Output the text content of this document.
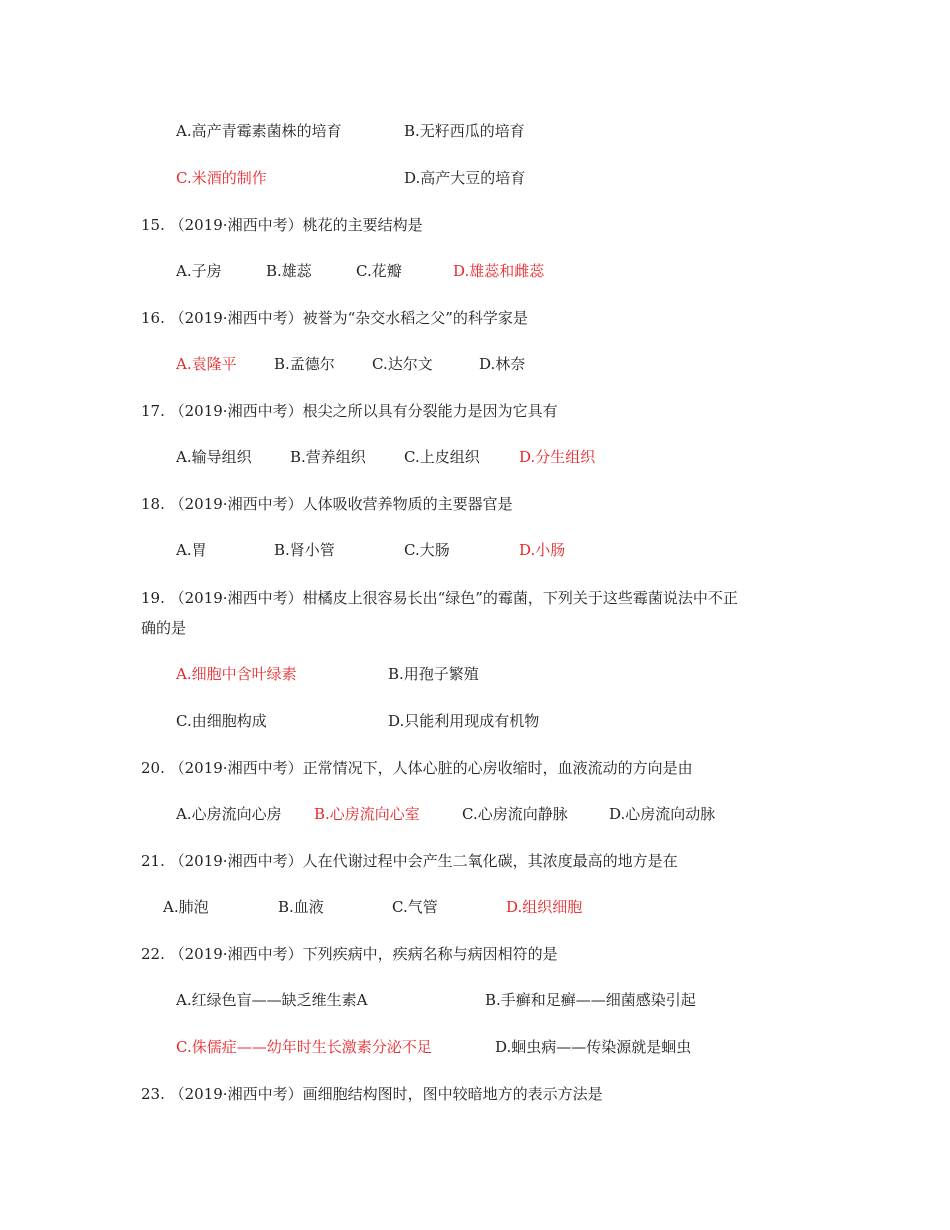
A.高产青霉素菌株的培育	B.无籽西瓜的培育
C.米酒的制作	D.高产大豆的培育
15. （2019·湘西中考）桃花的主要结构是
A.子房	B.雄蕊	C.花瓣	D.雄蕊和雌蕊
16. （2019·湘西中考）被誉为“杂交水稻之父”的科学家是
A.袁隆平 B.孟德尔 C.达尔文	D.林奈
17. （2019·湘西中考）根尖之所以具有分裂能力是因为它具有
A.输导组织	B.营养组织	C.上皮组织	D.分生组织
18. （2019·湘西中考）人体吸收营养物质的主要器官是
A.胃	B.肾小管	C.大肠	D.小肠
19. （2019·湘西中考）柑橘皮上很容易长出“绿色”的霉菌，下列关于这些霉菌说法中不正
确的是
A.细胞中含叶绿素	B.用孢子繁殖
C.由细胞构成	D.只能利用现成有机物
20. （2019·湘西中考）正常情况下，人体心脏的心房收缩时，血液流动的方向是由
A.心房流向心房 B.心房流向心室	C.心房流向静脉	D.心房流向动脉
21. （2019·湘西中考）人在代谢过程中会产生二氧化碳，其浓度最高的地方是在
A.肺泡	B.血液	C.气管	D.组织细胞
22. （2019·湘西中考）下列疾病中，疾病名称与病因相符的是
A.红绿色盲——缺乏维生素A	B.手癣和足癣——细菌感染引起
C.侏儒症——幼年时生长激素分泌不足	D.蛔虫病——传染源就是蛔虫
23. （2019·湘西中考）画细胞结构图时，图中较暗地方的表示方法是
